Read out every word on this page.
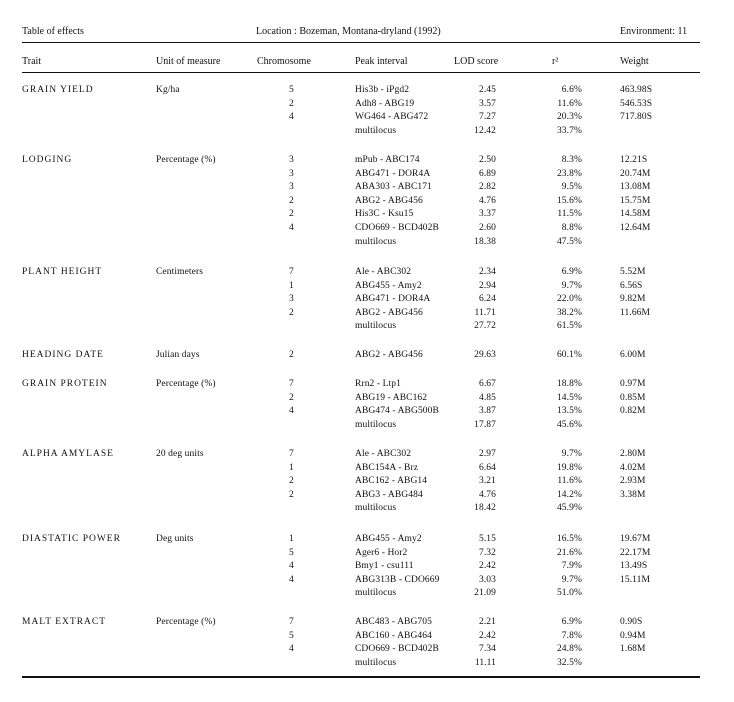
Table of effects	Location : Bozeman, Montana-dryland (1992)	Environment: 11
Trait	Unit of measure	Chromosome	Peak interval	LOD score	r²	Weight
GRAIN YIELD	Kg/ha	5	His3b - iPgd2	2.45	6.6%	463.98S
2	Adh8 - ABG19	3.57	11.6%	546.53S
4	WG464 - ABG472	7.27	20.3%	717.80S
multilocus	12.42	33.7%
LODGING	Percentage (%)	3	mPub - ABC174	2.50	8.3%	12.21S
3	ABG471 - DOR4A	6.89	23.8%	20.74M
3	ABA303 - ABC171	2.82	9.5%	13.08M
2	ABG2 - ABG456	4.76	15.6%	15.75M
2	His3C - Ksu15	3.37	11.5%	14.58M
4	CDO669 - BCD402B	2.60	8.8%	12.64M
multilocus	18.38	47.5%
PLANT HEIGHT	Centimeters	7	Ale - ABC302	2.34	6.9%	5.52M
1	ABG455 - Amy2	2.94	9.7%	6.56S
3	ABG471 - DOR4A	6.24	22.0%	9.82M
2	ABG2 - ABG456	11.71	38.2%	11.66M
multilocus	27.72	61.5%
HEADING DATE	Julian days	2	ABG2 - ABG456	29.63	60.1%	6.00M
GRAIN PROTEIN	Percentage (%)	7	Rrn2 - Ltp1	6.67	18.8%	0.97M
2	ABG19 - ABC162	4.85	14.5%	0.85M
4	ABG474 - ABG500B	3.87	13.5%	0.82M
multilocus	17.87	45.6%
ALPHA AMYLASE	20 deg units	7	Ale - ABC302	2.97	9.7%	2.80M
1	ABC154A - Brz	6.64	19.8%	4.02M
2	ABC162 - ABG14	3.21	11.6%	2.93M
2	ABG3 - ABG484	4.76	14.2%	3.38M
multilocus	18.42	45.9%
DIASTATIC POWER	Deg units	1	ABG455 - Amy2	5.15	16.5%	19.67M
5	Ager6 - Hor2	7.32	21.6%	22.17M
4	Bmy1 - csu111	2.42	7.9%	13.49S
4	ABG313B - CDO669	3.03	9.7%	15.11M
multilocus	21.09	51.0%
MALT EXTRACT	Percentage (%)	7	ABC483 - ABG705	2.21	6.9%	0.90S
5	ABC160 - ABG464	2.42	7.8%	0.94M
4	CDO669 - BCD402B	7.34	24.8%	1.68M
multilocus	11.11	32.5%
